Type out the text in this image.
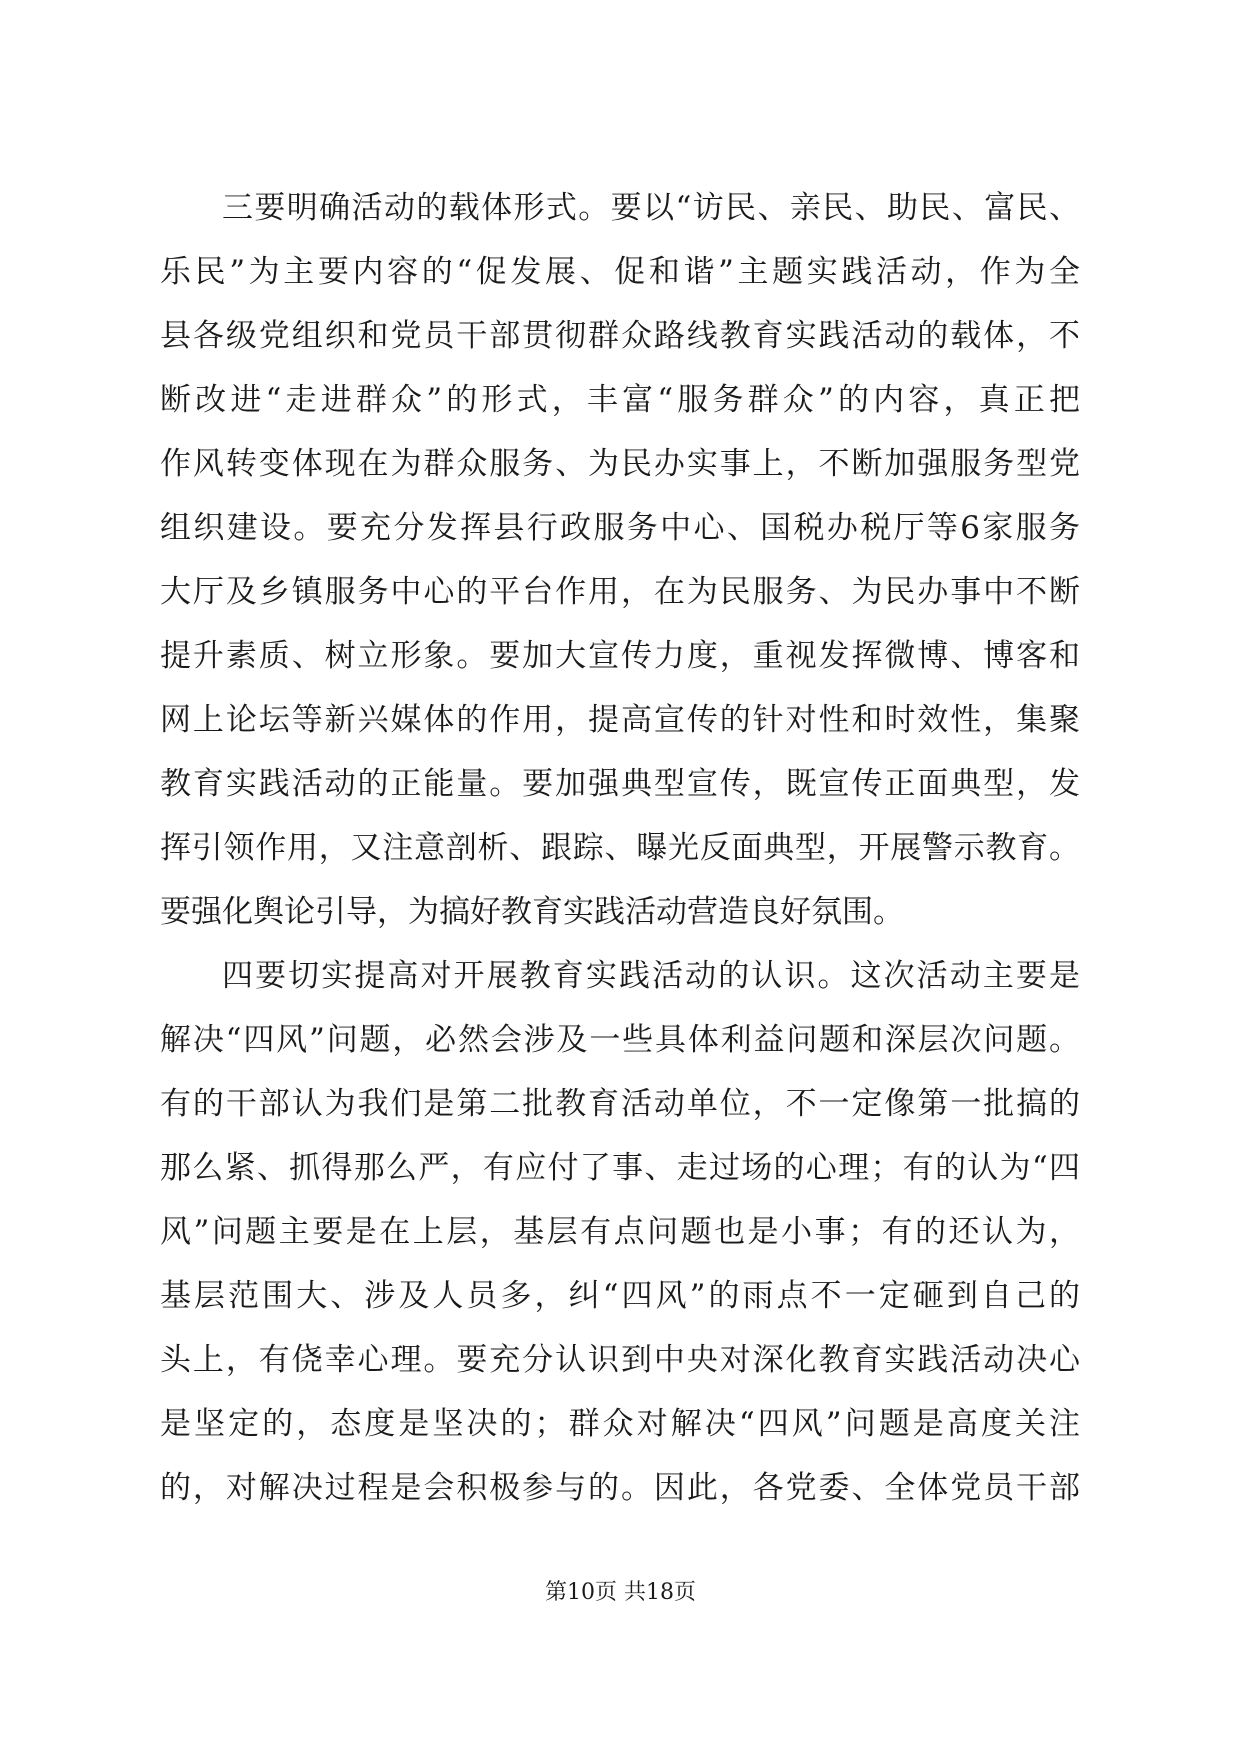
三要明确活动的载体形式。要以“访民、亲民、助民、富民、
乐民”为主要内容的“促发展、促和谐”主题实践活动，作为全
县各级党组织和党员干部贯彻群众路线教育实践活动的载体，不
断改进“走进群众”的形式，丰富“服务群众”的内容，真正把
作风转变体现在为群众服务、为民办实事上，不断加强服务型党
组织建设。要充分发挥县行政服务中心、国税办税厅等6家服务
大厅及乡镇服务中心的平台作用，在为民服务、为民办事中不断
提升素质、树立形象。要加大宣传力度，重视发挥微博、博客和
网上论坛等新兴媒体的作用，提高宣传的针对性和时效性，集聚
教育实践活动的正能量。要加强典型宣传，既宣传正面典型，发
挥引领作用，又注意剖析、跟踪、曝光反面典型，开展警示教育。
要强化舆论引导，为搞好教育实践活动营造良好氛围。
四要切实提高对开展教育实践活动的认识。这次活动主要是
解决“四风”问题，必然会涉及一些具体利益问题和深层次问题。
有的干部认为我们是第二批教育活动单位，不一定像第一批搞的
那么紧、抓得那么严，有应付了事、走过场的心理；有的认为“四
风”问题主要是在上层，基层有点问题也是小事；有的还认为，
基层范围大、涉及人员多，纠“四风”的雨点不一定砸到自己的
头上，有侥幸心理。要充分认识到中央对深化教育实践活动决心
是坚定的，态度是坚决的；群众对解决“四风”问题是高度关注
的，对解决过程是会积极参与的。因此，各党委、全体党员干部
第10页 共18页
